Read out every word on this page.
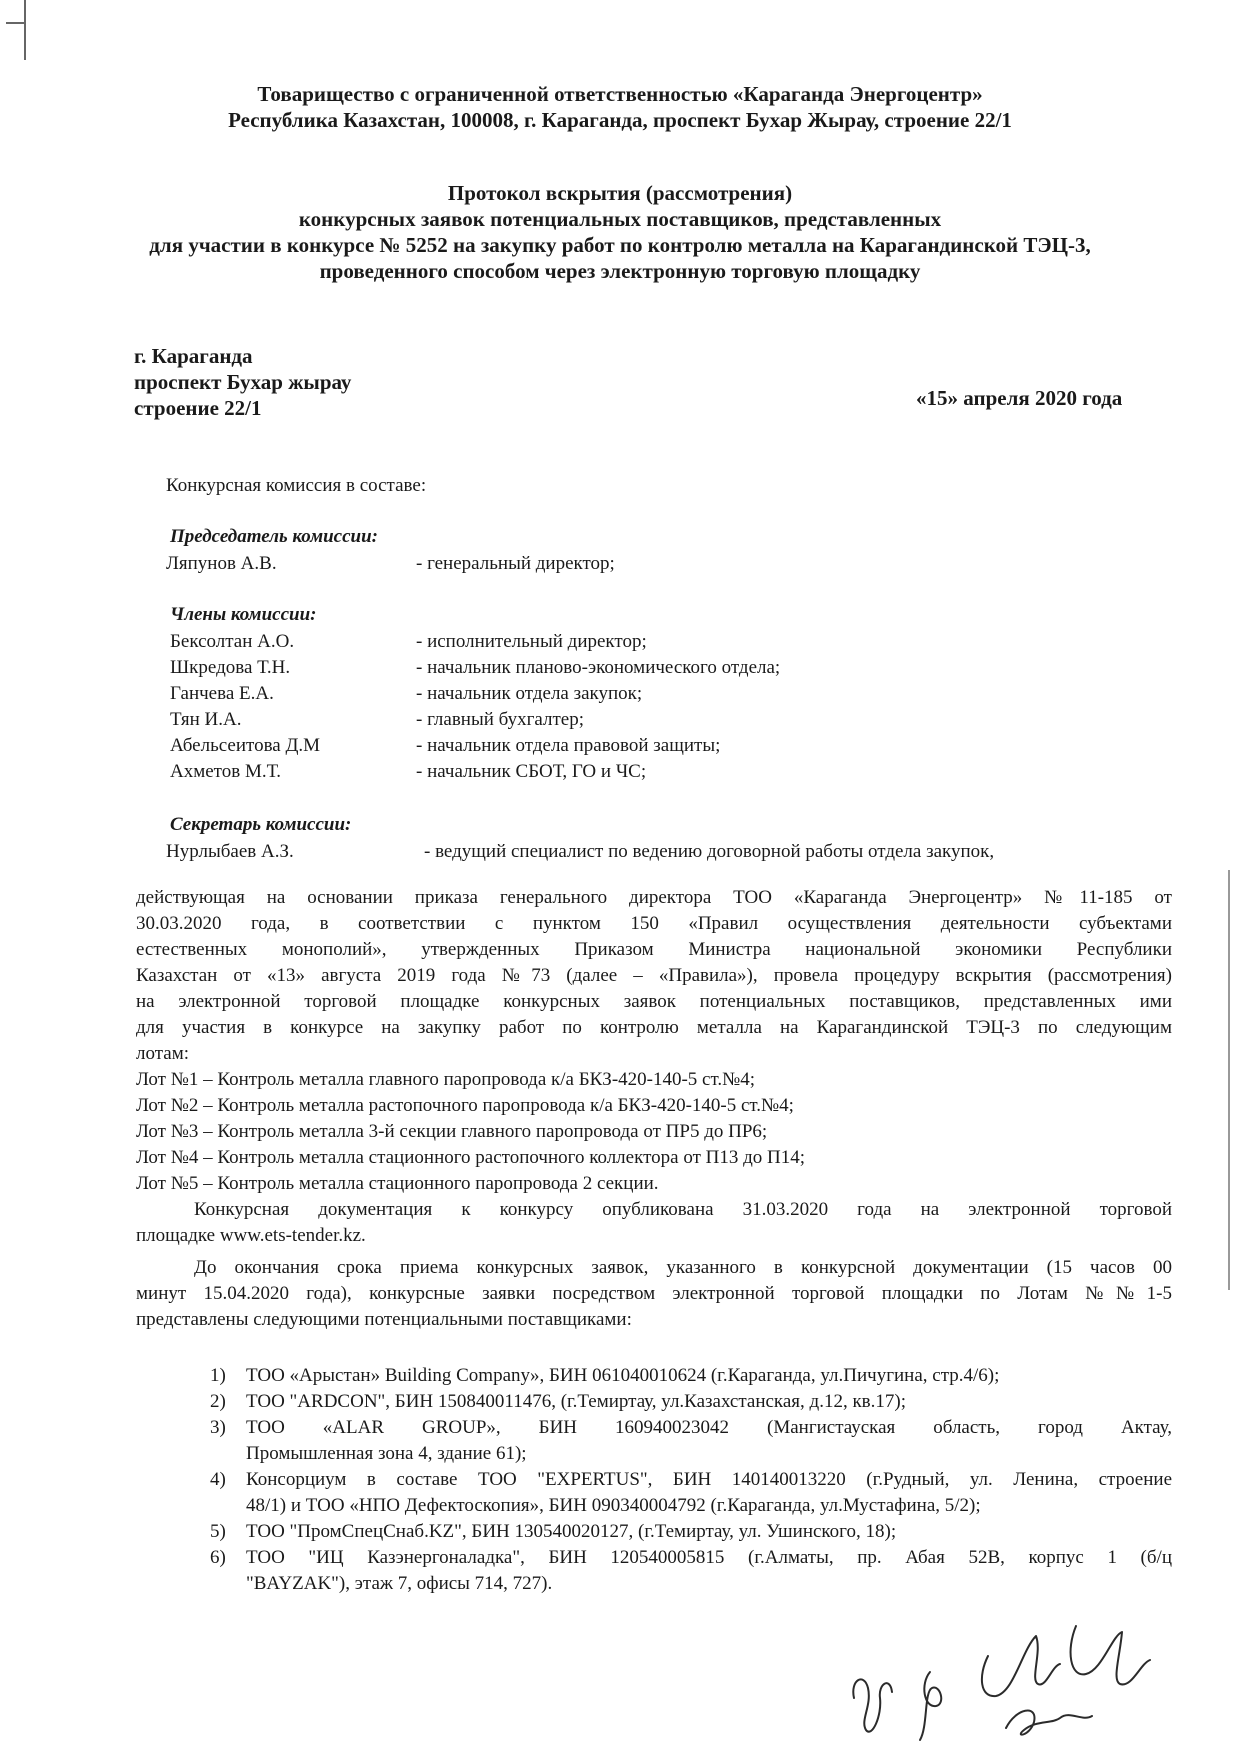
Товарищество с ограниченной ответственностью «Караганда Энергоцентр»
Республика Казахстан, 100008, г. Караганда, проспект Бухар Жырау, строение 22/1
Протокол вскрытия (рассмотрения)
конкурсных заявок потенциальных поставщиков, представленных
для участии в конкурсе № 5252 на закупку работ по контролю металла на Карагандинской ТЭЦ-3,
проведенного способом через электронную торговую площадку
г. Караганда
проспект Бухар жырау
строение 22/1	«15» апреля 2020 года
Конкурсная комиссия в составе:
Председатель комиссии:
Ляпунов А.В.	- генеральный директор;
Члены комиссии:
Бексолтан А.О.	- исполнительный директор;
Шкредова Т.Н.	- начальник планово-экономического отдела;
Ганчева Е.А.	- начальник отдела закупок;
Тян И.А.	- главный бухгалтер;
Абельсеитова Д.М	- начальник отдела правовой защиты;
Ахметов М.Т.	- начальник СБОТ, ГО и ЧС;
Секретарь комиссии:
Нурлыбаев А.З.	- ведущий специалист по ведению договорной работы отдела закупок,
действующая на основании приказа генерального директора ТОО «Караганда Энергоцентр» №11-185 от
30.03.2020 года, в соответствии с пунктом 150 «Правил осуществления деятельности субъектами
естественных монополий», утвержденных Приказом Министра национальной экономики Республики
Казахстан от «13» августа 2019 года №73 (далее – «Правила»), провела процедуру вскрытия (рассмотрения)
на электронной торговой площадке конкурсных заявок потенциальных поставщиков, представленных ими
для участия в конкурсе на закупку работ по контролю металла на Карагандинской ТЭЦ-3 по следующим
лотам:
Лот №1 – Контроль металла главного паропровода к/а БКЗ-420-140-5 ст.№4;
Лот №2 – Контроль металла растопочного паропровода к/а БКЗ-420-140-5 ст.№4;
Лот №3 – Контроль металла 3-й секции главного паропровода от ПР5 до ПР6;
Лот №4 – Контроль металла стационного растопочного коллектора от П13 до П14;
Лот №5 – Контроль металла стационного паропровода 2 секции.
Конкурсная документация к конкурсу опубликована 31.03.2020 года на электронной торговой
площадке www.ets-tender.kz.
До окончания срока приема конкурсных заявок, указанного в конкурсной документации (15 часов 00
минут 15.04.2020 года), конкурсные заявки посредством электронной торговой площадки по Лотам №№1-5
представлены следующими потенциальными поставщиками:
1) ТОО «Арыстан» Building Company», БИН 061040010624 (г.Караганда, ул.Пичугина, стр.4/6);
2) ТОО "ARDCON", БИН 150840011476, (г.Темиртау, ул.Казахстанская, д.12, кв.17);
3) ТОО «ALAR GROUP», БИН 160940023042 (Мангистауская область, город Актау,
Промышленная зона 4, здание 61);
4) Консорциум в составе ТОО "EXPERTUS", БИН 140140013220 (г.Рудный, ул. Ленина, строение
48/1) и ТОО «НПО Дефектоскопия», БИН 090340004792 (г.Караганда, ул.Мустафина, 5/2);
5) ТОО "ПромСпецСнаб.KZ", БИН 130540020127, (г.Темиртау, ул. Ушинского, 18);
6) ТОО "ИЦ Казэнергоналадка", БИН 120540005815 (г.Алматы, пр. Абая 52В, корпус 1 (б/ц
"BAYZAK"), этаж 7, офисы 714, 727).
